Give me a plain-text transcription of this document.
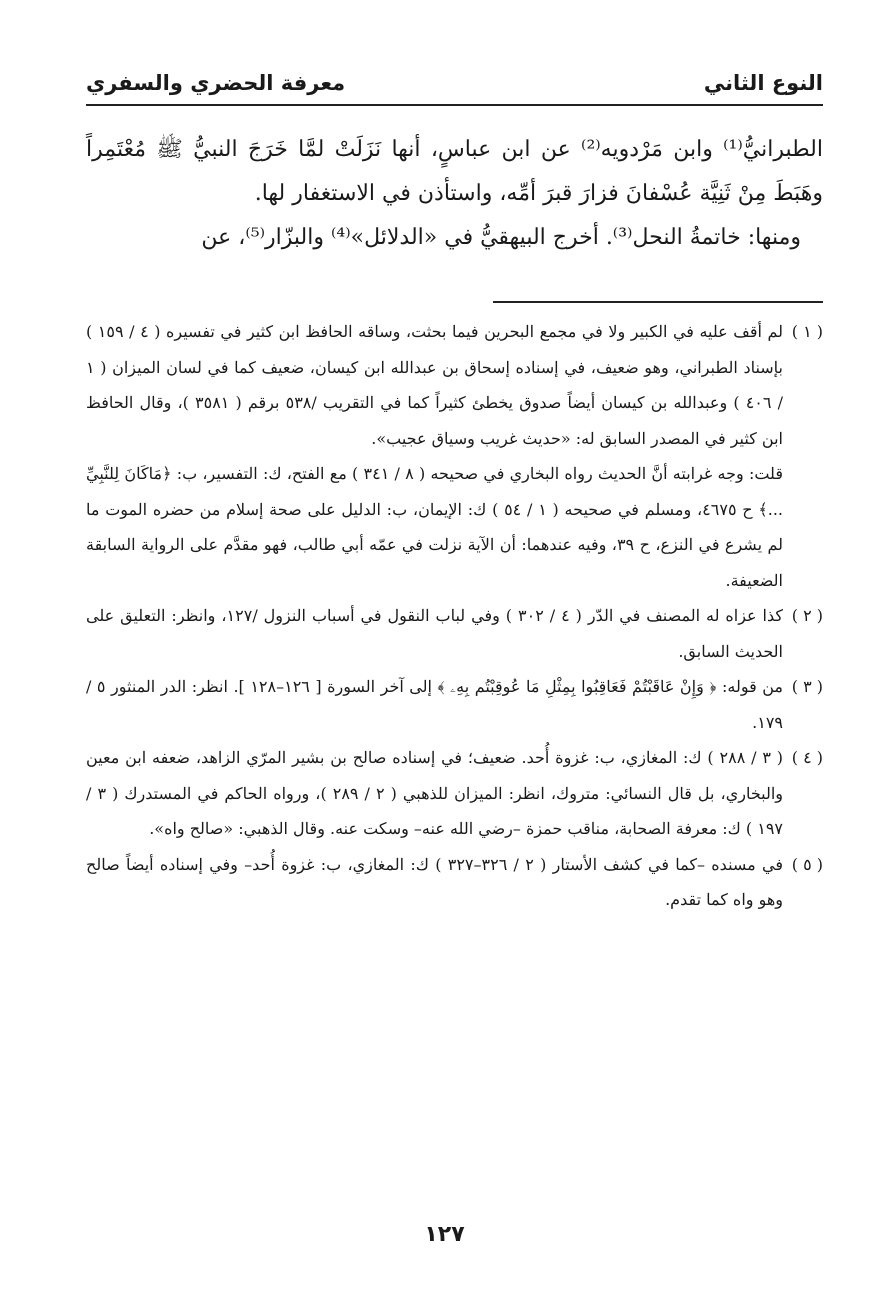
معرفة الحضري والسفري	النوع الثاني

الطبرانيُّ⁽¹⁾ وابن مَرْدويه⁽²⁾ عن ابن عباسٍ، أنها نَزَلَتْ لمَّا خَرَجَ النبيُّ ﷺ مُعْتَمِراً وهَبَطَ مِنْ ثَنِيَّة عُسْفانَ فزارَ قبرَ أمِّه، واستأذن في الاستغفار لها.

ومنها: خاتمةُ النحل⁽³⁾. أخرج البيهقيُّ في «الدلائل»⁽⁴⁾ والبزّار⁽⁵⁾، عن

( ١ )

لم أقف عليه في الكبير ولا في مجمع البحرين فيما بحثت، وساقه الحافظ ابن كثير في تفسيره ( ٤ / ١٥٩ ) بإسناد الطبراني، وهو ضعيف، في إسناده إسحاق بن عبدالله ابن كيسان، ضعيف كما في لسان الميزان ( ١ / ٤٠٦ ) وعبدالله بن كيسان أيضاً صدوق يخطئ كثيراً كما في التقريب /٥٣٨ برقم ( ٣٥٨١ )، وقال الحافظ ابن كثير في المصدر السابق له: «حديث غريب وسياق عجيب».

قلت: وجه غرابته أنَّ الحديث رواه البخاري في صحيحه ( ٨ / ٣٤١ ) مع الفتح، ك: التفسير، ب: ﴿مَاكَانَ لِلنَّبِيِّ ...﴾ ح ٤٦٧٥، ومسلم في صحيحه ( ١ / ٥٤ ) ك: الإيمان، ب: الدليل على صحة إسلام من حضره الموت ما لم يشرع في النزع، ح ٣٩، وفيه عندهما: أن الآية نزلت في عمّه أبي طالب، فهو مقدَّم على الرواية السابقة الضعيفة.

( ٢ )

كذا عزاه له المصنف في الدّر ( ٤ / ٣٠٢ ) وفي لباب النقول في أسباب النزول /١٢٧، وانظر: التعليق على الحديث السابق.

( ٣ )

من قوله: ﴿ وَإِنْ عَاقَبْتُمْ فَعَاقِبُوا بِمِثْلِ مَا عُوقِبْتُم بِهِۦ ﴾ إلى آخر السورة [ ١٢٦–١٢٨ ]. انظر: الدر المنثور ٥ / ١٧٩.

( ٤ )

( ٣ / ٢٨٨ ) ك: المغازي، ب: غزوة أُحد. ضعيف؛ في إسناده صالح بن بشير المرّي الزاهد، ضعفه ابن معين والبخاري، بل قال النسائي: متروك، انظر: الميزان للذهبي ( ٢ / ٢٨٩ )، ورواه الحاكم في المستدرك ( ٣ / ١٩٧ ) ك: معرفة الصحابة، مناقب حمزة –رضي الله عنه– وسكت عنه. وقال الذهبي: «صالح واه».

( ٥ )

في مسنده –كما في كشف الأستار ( ٢ / ٣٢٦–٣٢٧ ) ك: المغازي، ب: غزوة أُحد– وفي إسناده أيضاً صالح وهو واه كما تقدم.

١٢٧
